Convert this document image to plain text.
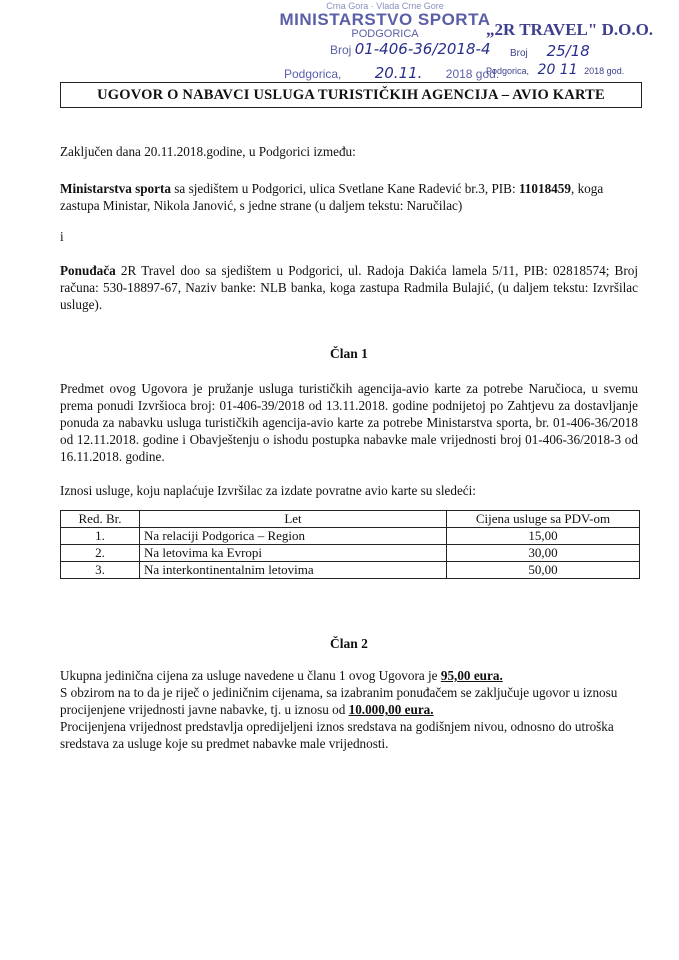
Crna Gora · Vlada Crne Gore
MINISTARSTVO SPORTA
PODGORICA
Broj 01-406-36/2018-4
Podgorica, 20.11. 2018 god.
„2R TRAVEL" D.O.O.
Broj 25/18
Podgorica, 20 11 2018 god.
UGOVOR O NABAVCI USLUGA TURISTIČKIH AGENCIJA – AVIO KARTE
Zaključen dana 20.11.2018.godine, u Podgorici između:
Ministarstva sporta sa sjedištem u Podgorici, ulica Svetlane Kane Radević br.3, PIB: 11018459, koga zastupa Ministar, Nikola Janović, s jedne strane (u daljem tekstu: Naručilac)
i
Ponuđača 2R Travel doo sa sjedištem u Podgorici, ul. Radoja Dakića lamela 5/11, PIB: 02818574; Broj računa: 530-18897-67, Naziv banke: NLB banka, koga zastupa Radmila Bulajić, (u daljem tekstu: Izvršilac usluge).
Član 1
Predmet ovog Ugovora je pružanje usluga turističkih agencija-avio karte za potrebe Naručioca, u svemu prema ponudi Izvršioca broj: 01-406-39/2018 od 13.11.2018. godine podnijetoj po Zahtjevu za dostavljanje ponuda za nabavku usluga turističkih agencija-avio karte za potrebe Ministarstva sporta, br. 01-406-36/2018 od 12.11.2018. godine i Obavještenju o ishodu postupka nabavke male vrijednosti broj 01-406-36/2018-3 od 16.11.2018. godine.
Iznosi usluge, koju naplaćuje Izvršilac za izdate povratne avio karte su sledeći:
Red. Br.	Let	Cijena usluge sa PDV-om
1.	Na relaciji Podgorica – Region	15,00
2.	Na letovima ka Evropi	30,00
3.	Na interkontinentalnim letovima	50,00
Član 2
Ukupna jedinična cijena za usluge navedene u članu 1 ovog Ugovora je 95,00 eura.
S obzirom na to da je riječ o jediničnim cijenama, sa izabranim ponuđačem se zaključuje ugovor u iznosu procijenjene vrijednosti javne nabavke, tj. u iznosu od 10.000,00 eura.
Procijenjena vrijednost predstavlja opredijeljeni iznos sredstava na godišnjem nivou, odnosno do utroška sredstava za usluge koje su predmet nabavke male vrijednosti.
